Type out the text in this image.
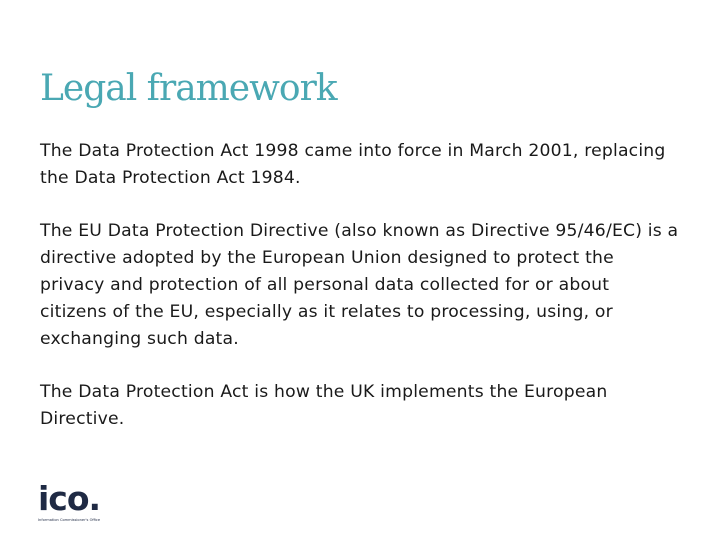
Legal framework

The Data Protection Act 1998 came into force in March 2001, replacing the Data Protection Act 1984.

The EU Data Protection Directive (also known as Directive 95/46/EC) is a directive adopted by the European Union designed to protect the privacy and protection of all personal data collected for or about citizens of the EU, especially as it relates to processing, using, or exchanging such data.

The Data Protection Act is how the UK implements the European Directive.

ico.
Information Commissioner's Office
